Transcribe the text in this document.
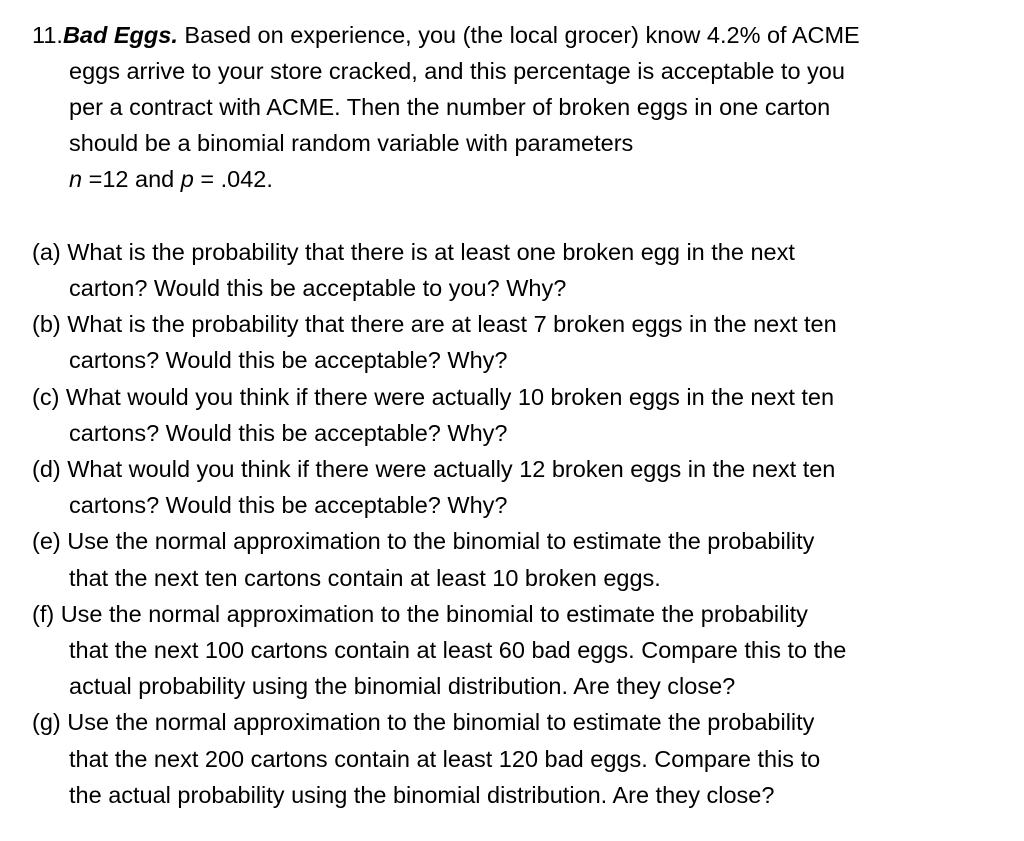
11.Bad Eggs. Based on experience, you (the local grocer) know 4.2% of ACME
eggs arrive to your store cracked, and this percentage is acceptable to you
per a contract with ACME. Then the number of broken eggs in one carton
should be a binomial random variable with parameters
n =12 and p = .042.
(a) What is the probability that there is at least one broken egg in the next
carton? Would this be acceptable to you? Why?
(b) What is the probability that there are at least 7 broken eggs in the next ten
cartons? Would this be acceptable? Why?
(c) What would you think if there were actually 10 broken eggs in the next ten
cartons? Would this be acceptable? Why?
(d) What would you think if there were actually 12 broken eggs in the next ten
cartons? Would this be acceptable? Why?
(e) Use the normal approximation to the binomial to estimate the probability
that the next ten cartons contain at least 10 broken eggs.
(f) Use the normal approximation to the binomial to estimate the probability
that the next 100 cartons contain at least 60 bad eggs. Compare this to the
actual probability using the binomial distribution. Are they close?
(g) Use the normal approximation to the binomial to estimate the probability
that the next 200 cartons contain at least 120 bad eggs. Compare this to
the actual probability using the binomial distribution. Are they close?
